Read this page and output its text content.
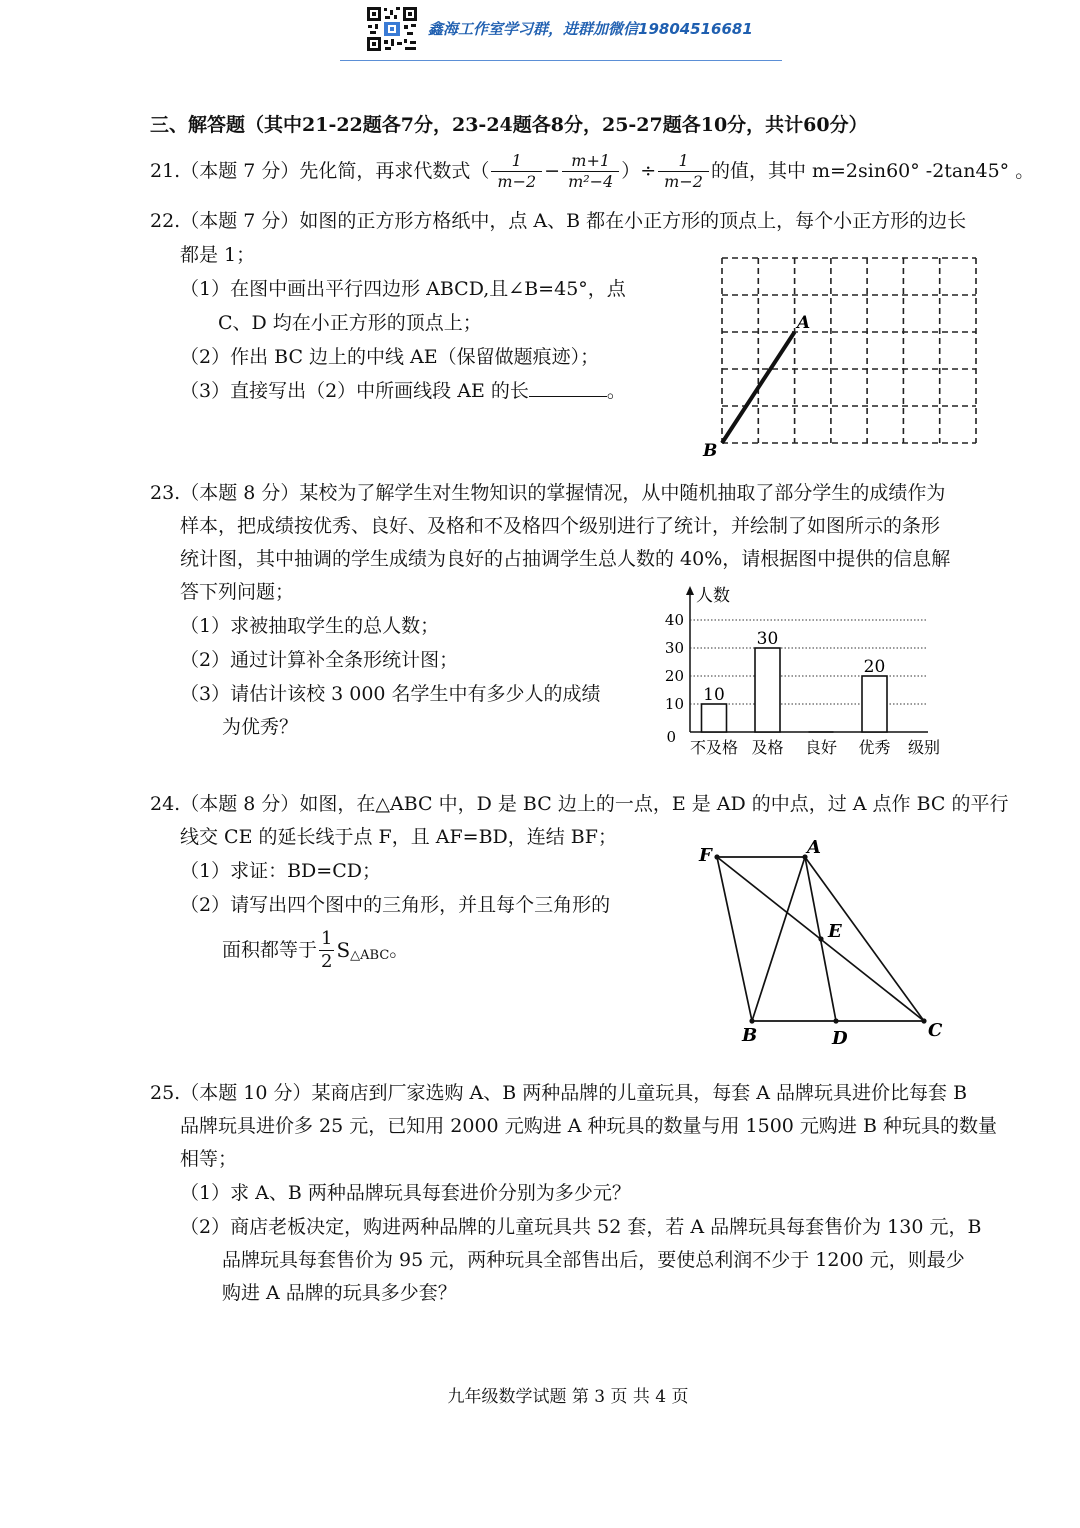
鑫海工作室学习群，进群加微信19804516681
三、解答题（其中21-22题各7分，23-24题各8分，25-27题各10分，共计60分）
21.（本题 7 分）先化简，再求代数式（ $\frac{1}{m-2} - \frac{m+1}{\text{m²−4}}$ ）÷ $\frac{1}{m-2}$ 的值，其中 m=2sin60° -2tan45° 。
22.（本题 7 分）如图的正方形方格纸中，点 A、B 都在小正方形的顶点上，每个小正方形的边长
都是 1；
（1）在图中画出平行四边形 ABCD,且∠B=45°，点
C、D 均在小正方形的顶点上；
（2）作出 BC 边上的中线 AE（保留做题痕迹）；
（3）直接写出（2）中所画线段 AE 的长	。
A
B
23.（本题 8 分）某校为了解学生对生物知识的掌握情况，从中随机抽取了部分学生的成绩作为
样本，把成绩按优秀、良好、及格和不及格四个级别进行了统计，并绘制了如图所示的条形
统计图，其中抽调的学生成绩为良好的占抽调学生总人数的 40%，请根据图中提供的信息解
答下列问题；
（1）求被抽取学生的总人数；
（2）通过计算补全条形统计图；
（3）请估计该校 3 000 名学生中有多少人的成绩
为优秀？
人数
0
10
20
30
40
10
30
20
不及格 及格 良好 优秀 级别
24.（本题 8 分）如图，在△ABC 中，D 是 BC 边上的一点，E 是 AD 的中点，过 A 点作 BC 的平行
线交 CE 的延长线于点 F，且 AF=BD，连结 BF；
（1）求证：BD=CD；
（2）请写出四个图中的三角形，并且每个三角形的
面积都等于 $\frac{1}{2}$ S △ABC 。
F	A
E
B	D	C
25.（本题 10 分）某商店到厂家选购 A、B 两种品牌的儿童玩具，每套 A 品牌玩具进价比每套 B
品牌玩具进价多 25 元，已知用 2000 元购进 A 种玩具的数量与用 1500 元购进 B 种玩具的数量
相等；
（1）求 A、B 两种品牌玩具每套进价分别为多少元？
（2）商店老板决定，购进两种品牌的儿童玩具共 52 套，若 A 品牌玩具每套售价为 130 元，B
品牌玩具每套售价为 95 元，两种玩具全部售出后，要使总利润不少于 1200 元，则最少
购进 A 品牌的玩具多少套？
九年级数学试题 第 3 页 共 4 页
